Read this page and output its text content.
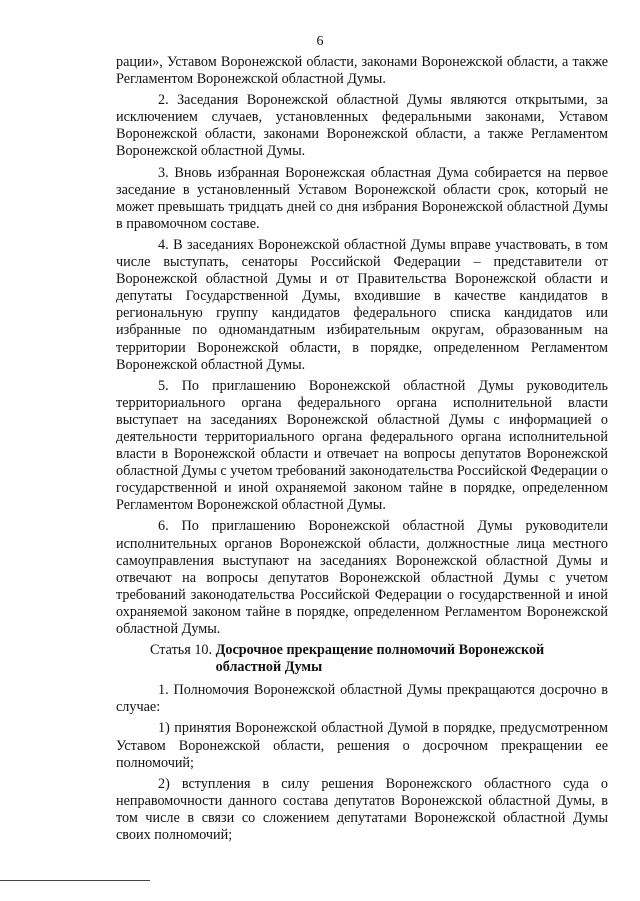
6

рации», Уставом Воронежской области, законами Воронежской области, а также Регламентом Воронежской областной Думы.

2. Заседания Воронежской областной Думы являются открытыми, за исключением случаев, установленных федеральными законами, Уставом Воронежской области, законами Воронежской области, а также Регламентом Воронежской областной Думы.

3. Вновь избранная Воронежская областная Дума собирается на первое заседание в установленный Уставом Воронежской области срок, который не может превышать тридцать дней со дня избрания Воронежской областной Думы в правомочном составе.

4. В заседаниях Воронежской областной Думы вправе участвовать, в том числе выступать, сенаторы Российской Федерации – представители от Воронежской областной Думы и от Правительства Воронежской области и депутаты Государственной Думы, входившие в качестве кандидатов в региональную группу кандидатов федерального списка кандидатов или избранные по одномандатным избирательным округам, образованным на территории Воронежской области, в порядке, определенном Регламентом Воронежской областной Думы.

5. По приглашению Воронежской областной Думы руководитель территориального органа федерального органа исполнительной власти выступает на заседаниях Воронежской областной Думы с информацией о деятельности территориального органа федерального органа исполнительной власти в Воронежской области и отвечает на вопросы депутатов Воронежской областной Думы с учетом требований законодательства Российской Федерации о государственной и иной охраняемой законом тайне в порядке, определенном Регламентом Воронежской областной Думы.

6. По приглашению Воронежской областной Думы руководители исполнительных органов Воронежской области, должностные лица местного самоуправления выступают на заседаниях Воронежской областной Думы и отвечают на вопросы депутатов Воронежской областной Думы с учетом требований законодательства Российской Федерации о государственной и иной охраняемой законом тайне в порядке, определенном Регламентом Воронежской областной Думы.

Статья 10. Досрочное прекращение полномочий Воронежской областной Думы

1. Полномочия Воронежской областной Думы прекращаются досрочно в случае:

1) принятия Воронежской областной Думой в порядке, предусмотренном Уставом Воронежской области, решения о досрочном прекращении ее полномочий;

2) вступления в силу решения Воронежского областного суда о неправомочности данного состава депутатов Воронежской областной Думы, в том числе в связи со сложением депутатами Воронежской областной Думы своих полномочий;
